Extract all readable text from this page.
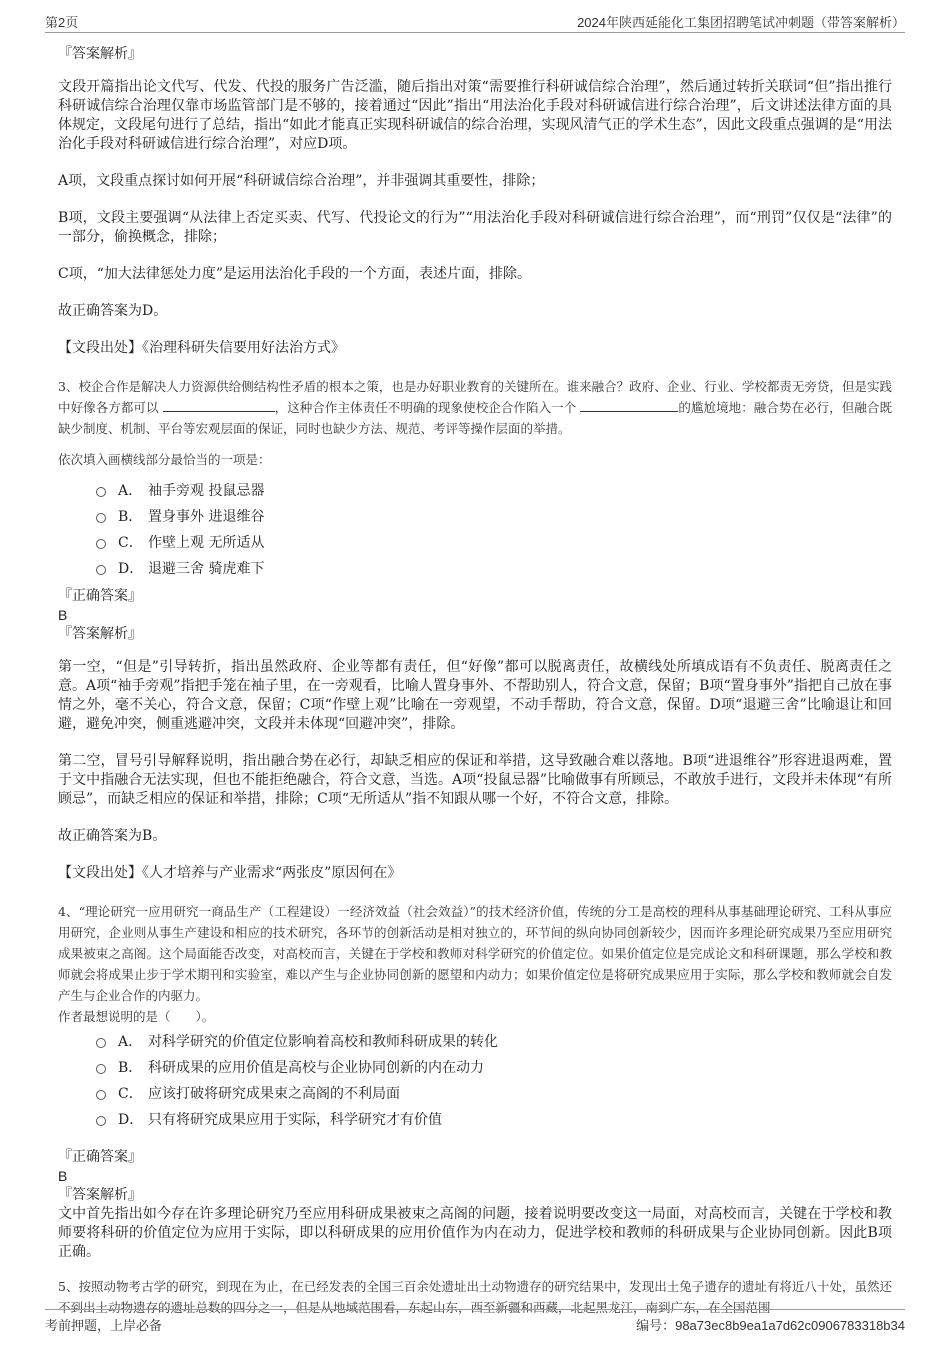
第2页	2024年陕西延能化工集团招聘笔试冲刺题（带答案解析）

『答案解析』

文段开篇指出论文代写、代发、代投的服务广告泛滥，随后指出对策“需要推行科研诚信综合治理”，然后通过转折关联词“但”指出推行科研诚信综合治理仅靠市场监管部门是不够的，接着通过“因此”指出“用法治化手段对科研诚信进行综合治理”，后文讲述法律方面的具体规定，文段尾句进行了总结，指出“如此才能真正实现科研诚信的综合治理，实现风清气正的学术生态”，因此文段重点强调的是“用法治化手段对科研诚信进行综合治理”，对应D项。

A项，文段重点探讨如何开展“科研诚信综合治理”，并非强调其重要性，排除；

B项，文段主要强调“从法律上否定买卖、代写、代投论文的行为”“用法治化手段对科研诚信进行综合治理”，而“刑罚”仅仅是“法律”的一部分，偷换概念，排除；

C项，“加大法律惩处力度”是运用法治化手段的一个方面，表述片面，排除。

故正确答案为D。

【文段出处】《治理科研失信要用好法治方式》

3、校企合作是解决人力资源供给侧结构性矛盾的根本之策，也是办好职业教育的关键所在。谁来融合？政府、企业、行业、学校都责无旁贷，但是实践中好像各方都可以	，这种合作主体责任不明确的现象使校企合作陷入一个	的尴尬境地：融合势在必行，但融合既缺少制度、机制、平台等宏观层面的保证，同时也缺少方法、规范、考评等操作层面的举措。

依次填入画横线部分最恰当的一项是：

A． 袖手旁观 投鼠忌器
B． 置身事外 进退维谷
C． 作壁上观 无所适从
D． 退避三舍 骑虎难下

『正确答案』

B

『答案解析』

第一空，“但是”引导转折，指出虽然政府、企业等都有责任，但“好像”都可以脱离责任，故横线处所填成语有不负责任、脱离责任之意。A项“袖手旁观”指把手笼在袖子里，在一旁观看，比喻人置身事外、不帮助别人，符合文意，保留；B项“置身事外”指把自己放在事情之外，毫不关心，符合文意，保留；C项“作壁上观”比喻在一旁观望，不动手帮助，符合文意，保留。D项“退避三舍”比喻退让和回避，避免冲突，侧重逃避冲突，文段并未体现“回避冲突”，排除。

第二空，冒号引导解释说明，指出融合势在必行，却缺乏相应的保证和举措，这导致融合难以落地。B项“进退维谷”形容进退两难，置于文中指融合无法实现，但也不能拒绝融合，符合文意，当选。A项“投鼠忌器”比喻做事有所顾忌，不敢放手进行，文段并未体现“有所顾忌”，而缺乏相应的保证和举措，排除；C项“无所适从”指不知跟从哪一个好，不符合文意，排除。

故正确答案为B。

【文段出处】《人才培养与产业需求“两张皮”原因何在》

4、“理论研究一应用研究一商品生产（工程建设）一经济效益（社会效益）”的技术经济价值，传统的分工是高校的理科从事基础理论研究、工科从事应用研究，企业则从事生产建设和相应的技术研究，各环节的创新活动是相对独立的，环节间的纵向协同创新较少，因而许多理论研究成果乃至应用研究成果被束之高阁。这个局面能否改变，对高校而言，关键在于学校和教师对科学研究的价值定位。如果价值定位是完成论文和科研课题，那么学校和教师就会将成果止步于学术期刊和实验室，难以产生与企业协同创新的愿望和内动力；如果价值定位是将研究成果应用于实际，那么学校和教师就会自发产生与企业合作的内驱力。

作者最想说明的是（　　）。

A． 对科学研究的价值定位影响着高校和教师科研成果的转化
B． 科研成果的应用价值是高校与企业协同创新的内在动力
C． 应该打破将研究成果束之高阁的不利局面
D． 只有将研究成果应用于实际，科学研究才有价值

『正确答案』

B

『答案解析』

文中首先指出如今存在许多理论研究乃至应用科研成果被束之高阁的问题，接着说明要改变这一局面，对高校而言，关键在于学校和教师要将科研的价值定位为应用于实际，即以科研成果的应用价值作为内在动力，促进学校和教师的科研成果与企业协同创新。因此B项正确。

5、按照动物考古学的研究，到现在为止，在已经发表的全国三百余处遗址出土动物遗存的研究结果中，发现出土兔子遗存的遗址有将近八十处，虽然还不到出土动物遗存的遗址总数的四分之一，但是从地域范围看，东起山东，西至新疆和西藏，北起黑龙江，南到广东，在全国范围

考前押题，上岸必备	编号：98a73ec8b9ea1a7d62c0906783318b34
